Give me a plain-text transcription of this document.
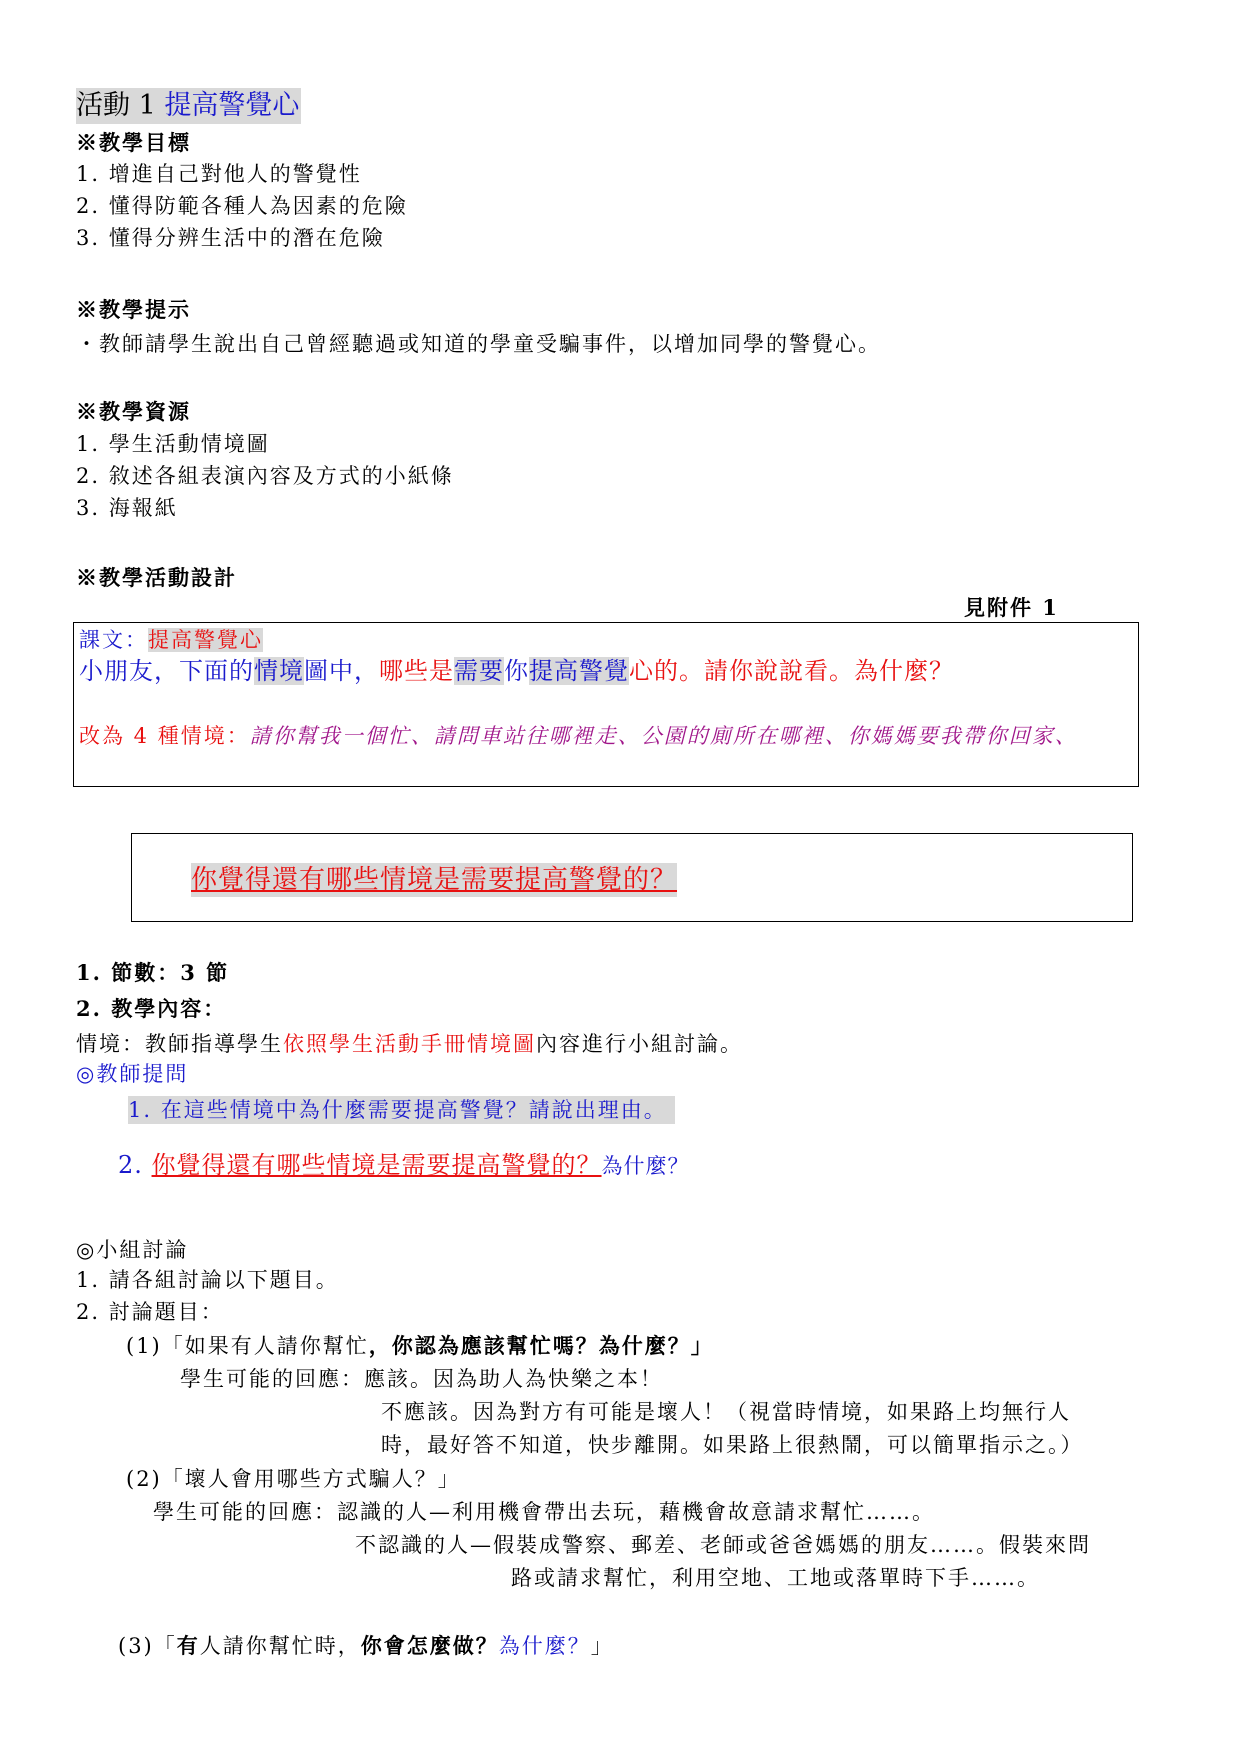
活動 1 提高警覺心
※教學目標
1. 增進自己對他人的警覺性
2. 懂得防範各種人為因素的危險
3. 懂得分辨生活中的潛在危險
※教學提示
・教師請學生說出自己曾經聽過或知道的學童受騙事件，以增加同學的警覺心。
※教學資源
1. 學生活動情境圖
2. 敘述各組表演內容及方式的小紙條
3. 海報紙
※教學活動設計
見附件 1
課文：提高警覺心
小朋友，下面的情境圖中，哪些是需要你提高警覺心的。請你說說看。為什麼？
改為 4 種情境：請你幫我一個忙、請問車站往哪裡走、公園的廁所在哪裡、你媽媽要我帶你回家、
你覺得還有哪些情境是需要提高警覺的？
1. 節數：3 節
2. 教學內容：
情境：教師指導學生依照學生活動手冊情境圖內容進行小組討論。
◎教師提問
1. 在這些情境中為什麼需要提高警覺？請說出理由。
2. 你覺得還有哪些情境是需要提高警覺的？為什麼？
◎小組討論
1. 請各組討論以下題目。
2. 討論題目：
(1)「如果有人請你幫忙，你認為應該幫忙嗎？為什麼？」
學生可能的回應：應該。因為助人為快樂之本！
不應該。因為對方有可能是壞人！（視當時情境，如果路上均無行人
時，最好答不知道，快步離開。如果路上很熱鬧，可以簡單指示之。）
(2)「壞人會用哪些方式騙人？」
學生可能的回應：認識的人—利用機會帶出去玩，藉機會故意請求幫忙……。
不認識的人—假裝成警察、郵差、老師或爸爸媽媽的朋友……。假裝來問
路或請求幫忙，利用空地、工地或落單時下手……。
(3)「有人請你幫忙時，你會怎麼做？為什麼？」
